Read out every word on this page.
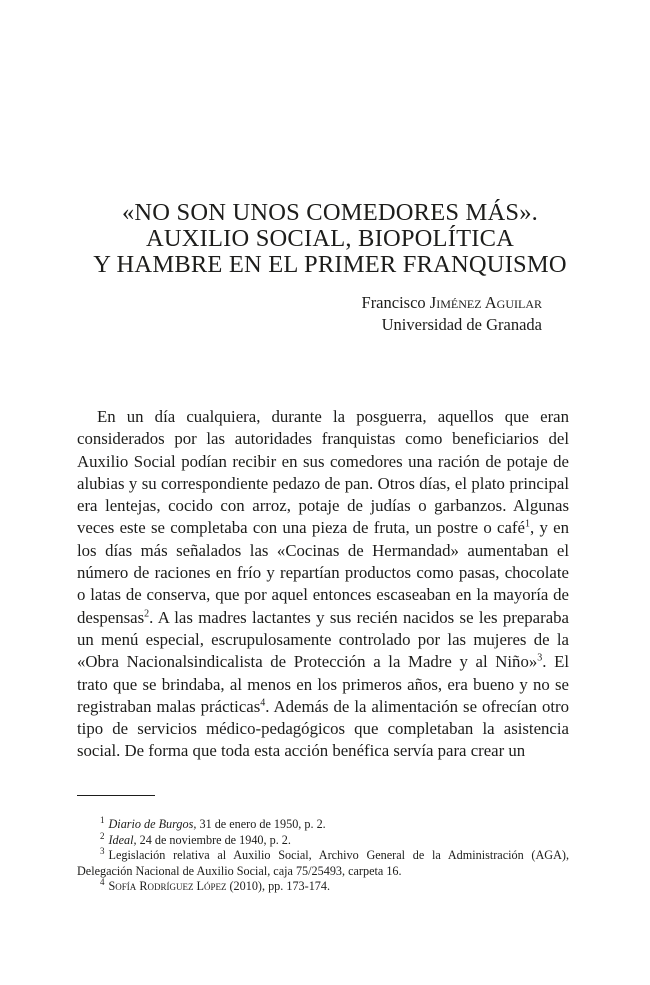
«NO SON UNOS COMEDORES MÁS».
AUXILIO SOCIAL, BIOPOLÍTICA
Y HAMBRE EN EL PRIMER FRANQUISMO
Francisco Jiménez Aguilar
Universidad de Granada

En un día cualquiera, durante la posguerra, aquellos que eran considerados por las autoridades franquistas como beneficiarios del Auxilio Social podían recibir en sus comedores una ración de potaje de alubias y su correspondiente pedazo de pan. Otros días, el plato principal era lentejas, cocido con arroz, potaje de judías o garbanzos. Algunas veces este se completaba con una pieza de fruta, un postre o café$^1$, y en los días más señalados las «Cocinas de Hermandad» aumentaban el número de raciones en frío y repartían productos como pasas, chocolate o latas de conserva, que por aquel entonces escaseaban en la mayoría de despensas$^2$. A las madres lactantes y sus recién nacidos se les preparaba un menú especial, escrupulosamente controlado por las mujeres de la «Obra Nacionalsindicalista de Protección a la Madre y al Niño»$^3$. El trato que se brindaba, al menos en los primeros años, era bueno y no se registraban malas prácticas$^4$. Además de la alimentación se ofrecían otro tipo de servicios médico-pedagógicos que completaban la asistencia social. De forma que toda esta acción benéfica servía para crear un

$^1$ Diario de Burgos, 31 de enero de 1950, p. 2.

$^2$ Ideal, 24 de noviembre de 1940, p. 2.

$^3$ Legislación relativa al Auxilio Social, Archivo General de la Administración (AGA), Delegación Nacional de Auxilio Social, caja 75/25493, carpeta 16.

$^4$ Sofía Rodríguez López (2010), pp. 173-174.
